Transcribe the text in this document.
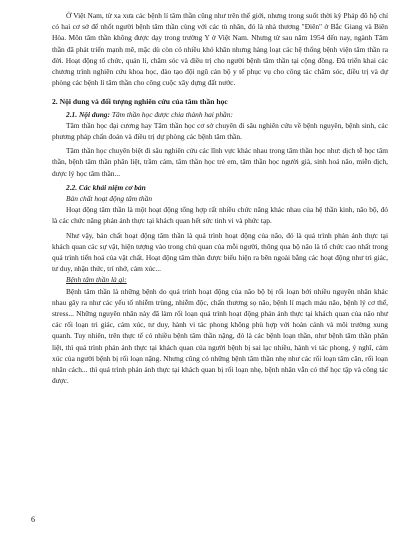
Ở Việt Nam, từ xa xưa các bệnh lí tâm thần cũng như trên thế giới, nhưng trong suốt thời kỳ Pháp đô hộ chỉ có hai cơ sở để nhốt người bệnh tâm thần cùng với các tù nhân, đó là nhà thương "Điên" ở Bắc Giang và Biên Hòa. Môn tâm thần không được dạy trong trường Y ở Việt Nam. Nhưng từ sau năm 1954 đến nay, ngành Tâm thần đã phát triển mạnh mẽ, mặc dù còn có nhiều khó khăn nhưng hàng loạt các hệ thống bệnh viện tâm thần ra đời. Hoạt động tổ chức, quản lí, chăm sóc và điều trị cho người bệnh tâm thần tại cộng đồng. Đã triển khai các chương trình nghiên cứu khoa học, đào tạo đội ngũ cán bộ y tế phục vụ cho công tác chăm sóc, điều trị và dự phòng các bệnh lí tâm thần cho công cuộc xây dựng đất nước.

2. Nội dung và đối tượng nghiên cứu của tâm thần học

2.1. Nội dung: Tâm thần học được chia thành hai phần:

Tâm thần học đại cương hay Tâm thần học cơ sở chuyên đi sâu nghiên cứu về bệnh nguyên, bệnh sinh, các phương pháp chẩn đoán và điều trị dự phòng các bệnh tâm thần.

Tâm thần học chuyên biệt đi sâu nghiên cứu các lĩnh vực khác nhau trong tâm thần học như: dịch tễ học tâm thần, bệnh tâm thần phân liệt, trầm cảm, tâm thần học trẻ em, tâm thần học người già, sinh hoá não, miễn dịch, dược lý học tâm thần...

2.2. Các khái niệm cơ bản

Bản chất hoạt động tâm thần

Hoạt động tâm thần là một hoạt động tổng hợp rất nhiều chức năng khác nhau của hệ thần kinh, não bộ, đó là các chức năng phản ánh thực tại khách quan hết sức tinh vi và phức tạp.

Như vậy, bản chất hoạt động tâm thần là quá trình hoạt động của não, đó là quá trình phản ánh thực tại khách quan các sự vật, hiện tượng vào trong chủ quan của mỗi người, thông qua bộ não là tổ chức cao nhất trong quá trình tiến hoá của vật chất. Hoạt động tâm thần được biểu hiện ra bên ngoài bằng các hoạt động như tri giác, tư duy, nhận thức, trí nhớ, cảm xúc...

Bệnh tâm thần là gì:

Bệnh tâm thần là những bệnh do quá trình hoạt động của não bộ bị rối loạn bởi nhiều nguyên nhân khác nhau gây ra như các yếu tố nhiễm trùng, nhiễm độc, chấn thương sọ não, bệnh lí mạch máu não, bệnh lý cơ thể, stress... Những nguyên nhân này đã làm rối loạn quá trình hoạt động phản ánh thực tại khách quan của não như các rối loạn tri giác, cảm xúc, tư duy, hành vi tác phong không phù hợp với hoàn cảnh và môi trường xung quanh. Tuy nhiên, trên thực tế có nhiều bệnh tâm thần nặng, đó là các bệnh loạn thần, như bệnh tâm thần phân liệt, thì quá trình phản ánh thực tại khách quan của người bệnh bị sai lạc nhiều, hành vi tác phong, ý nghĩ, cảm xúc của người bệnh bị rối loạn nặng. Nhưng cũng có những bệnh tâm thần nhẹ như các rối loạn tâm căn, rối loạn nhân cách... thì quá trình phản ánh thực tại khách quan bị rối loạn nhẹ, bệnh nhân vẫn có thể học tập và công tác được.

6
